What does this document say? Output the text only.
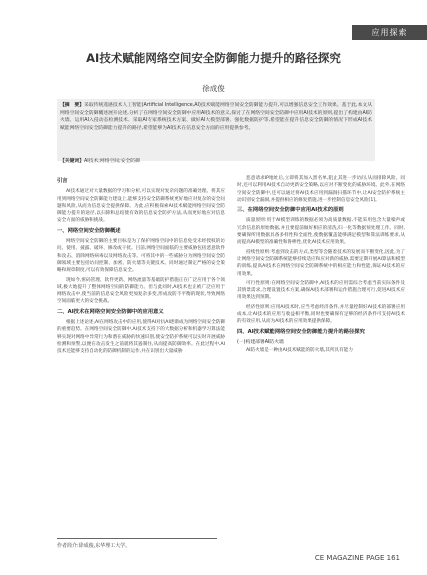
应用探索
AI技术赋能网络空间安全防御能力提升的路径探究
徐成俊
【摘　要】采取传统遥感技术人工智能(Artificial Intelligence,AI)技术赋能网络空间安全防御能力提升,可以增强信息安全工作效果。基于此,本文从网络空间安全防御概述展开论述,分析了在网络空间安全防御中应用AI技术的意义,探讨了在网络空间安全防御中应用AI技术的原则,提出了构建由AI防火墙、运用AI入侵动态检测技术、采取AI专家系统技术方案、做好AI大模型部署、强化数据防护等,希望能在提升信息安全防御的情况下形成AI技术赋能网络空间安全防御能力提升的路径,希望能够为AI技术在信息安全方面的应用提供参考。
【关键词】AI技术;网络空间;安全防御
引言

AI技术通过对大量数据的学习和分析,可以实现对复杂问题的准确处理。将其应用到网络空间安全防御能力建设上,能够支持安全防御系统更好地应对复杂的安全问题和风险,从而为信息安全提供保障。为此,应积极探索AI技术赋能网络空间安全防御能力提升的途径,以扫除和总结使有效的信息安全防护方法,从而更好地应对信息安全方面的威胁和挑战。

一、网络空间安全防御概述

网络空间安全防御的主要目标是为了保护网络空间中的信息免受未经授权的访问、使用、披露、破坏、修改或干扰。目前,网络空间面临的主要威胁包括恶意软件和攻击、消除网络病毒以及网络攻击等。可将其中的一些威胁分为网络空间安全防御领域主要包括访问控制、加密、防火墙等关键技术。同时通过制定严格的安全策略和规章制度,可以有效保障信息安全。

现如今,密码管理、软件更新、网络流量等基础防护措施正在广泛应用于各个领域,极大地提升了整体网络空间的防御能力。但与此同时,AI技术也正被广泛应用于网络攻击中,使当前的信息安全风险更加复杂多变,形成攻防不平衡的现状,导致网络空间面临更大的安全挑战。

二、AI技术在网络空间安全防御中的应用意义

根据上述论述,AI在网络攻击中的应用,使得AI对抗AI逐渐成为网络空间安全防御的重要趋势。在网络空间安全防御中,AI技术支持下的大数据分析和机器学习算法能够实现对网络中异常行为和潜在威胁的快速识别,使安全防护系统可以实时开展威胁检测和预警,以便在攻击发生之前就将其遏制住,从而提高防御效率。在此过程中,AI技术还能够支持自动化的防御机制的运作,并在识别出大量威胁

恶意请求IP地址后,立即将其加入黑名单,阻止其进一步访问,从而排除风险。同时,还可以利用AI技术自动更新安全策略,以应对不断变化的威胁环境。此外,在网络空间安全防御中,还可以通过将AI技术应用到漏洞扫描环节中,让AI安全防护系统主动识别安全漏洞,并提供相应的修复措施,进一步控制信息安全风险[1]。

三、在网络空间安全防御中应用AI技术的原则

质量原则:用于AI模型训练的数据必须为高质量数据,不能采用包含大量噪声或冗余信息的原始数据,并且要提前做好相应的清洗,归一化等数据预处理工作。同时,要确保所用数据具备多样性和全面性,使数据覆盖能够满足模型和算法训练要求,从而提高AI模型的准确性和鲁棒性,优化AI技术应用效果。

持续性原则:考虑到攻击的方式,类型等会随着技术的发展而不断变化,因此,为了让网络空间安全防御系统能够持续适应和应对新的威胁,需要定期开展AI算法和模型的训练,提高AI技术在网络空间安全防御系统中的相应能力和性能,保证AI技术的应用效果。

可行性原则:在网络空间安全防御中,AI技术的应用需综合考虑当前实际条件及其情景需求,合理设置技术方案,确保AI技术部署和运作措施合理可行,促进AI技术应用效果达到预期。

经济性原则:应用AI技术时,应当考虑经济条件,并尽量控制好AI技术的部署应用成本,让AI技术的应用与收益相平衡,同时也要确保有足够的经济条件可支持AI技术的有效应用,从而为AI技术的应用效果提供保障。

四、AI技术赋能网络空间安全防御能力提升的路径探究
(一)构建部署AI防火墙

AI防火墙是一种由AI技术赋能的防火墙,其所具有能力

作者简介:徐成俊,东华理工大学。
CE MAGAZINE PAGE 161
